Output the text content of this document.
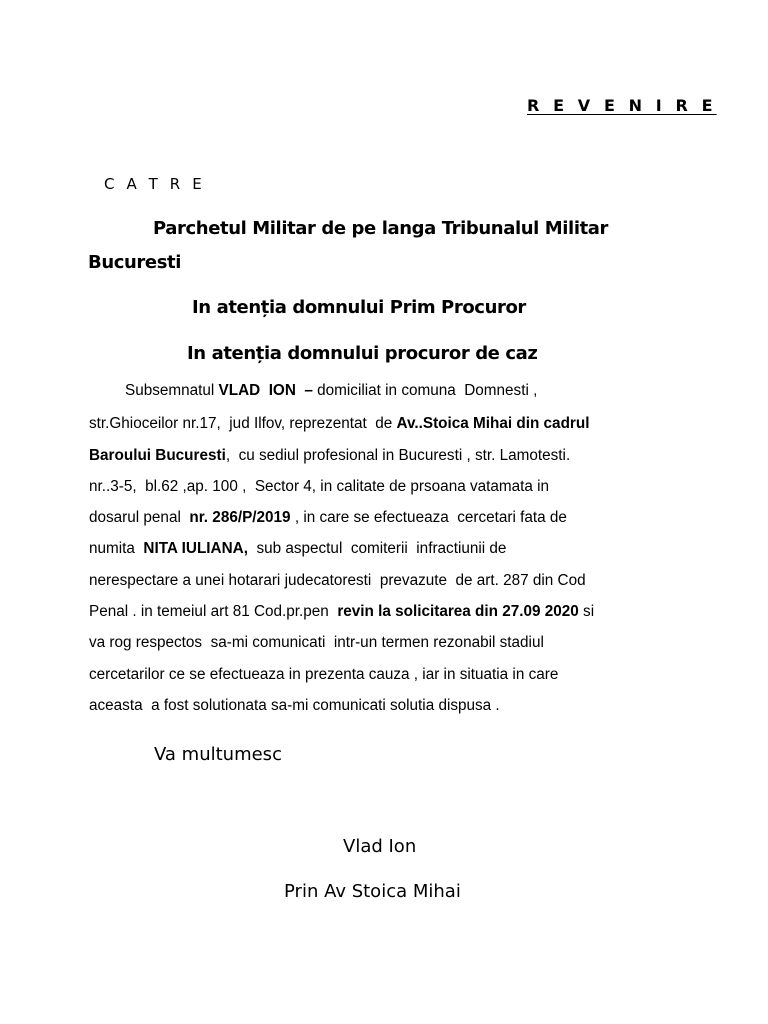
R E V E N I R E
C A T R E
Parchetul Militar de pe langa Tribunalul Militar
Bucuresti
In atenția domnului Prim Procuror
In atenția domnului procuror de caz
Subsemnatul VLAD  ION – domiciliat in comuna  Domnesti ,
str.Ghioceilor nr.17,  jud Ilfov, reprezentat  de Av..Stoica Mihai din cadrul
Baroului Bucuresti,  cu sediul profesional in Bucuresti , str. Lamotesti.
nr..3-5,  bl.62 ,ap. 100 ,  Sector 4, in calitate de prsoana vatamata in
dosarul penal  nr. 286/P/2019 , in care se efectueaza  cercetari fata de
numita  NITA IULIANA,  sub aspectul  comiterii  infractiunii de
nerespectare a unei hotarari judecatoresti  prevazute  de art. 287 din Cod
Penal . in temeiul art 81 Cod.pr.pen  revin la solicitarea din 27.09 2020 si
va rog respectos  sa-mi comunicati  intr-un termen rezonabil stadiul
cercetarilor ce se efectueaza in prezenta cauza , iar in situatia in care
aceasta  a fost solutionata sa-mi comunicati solutia dispusa .
Va multumesc
Vlad Ion
Prin Av Stoica Mihai
